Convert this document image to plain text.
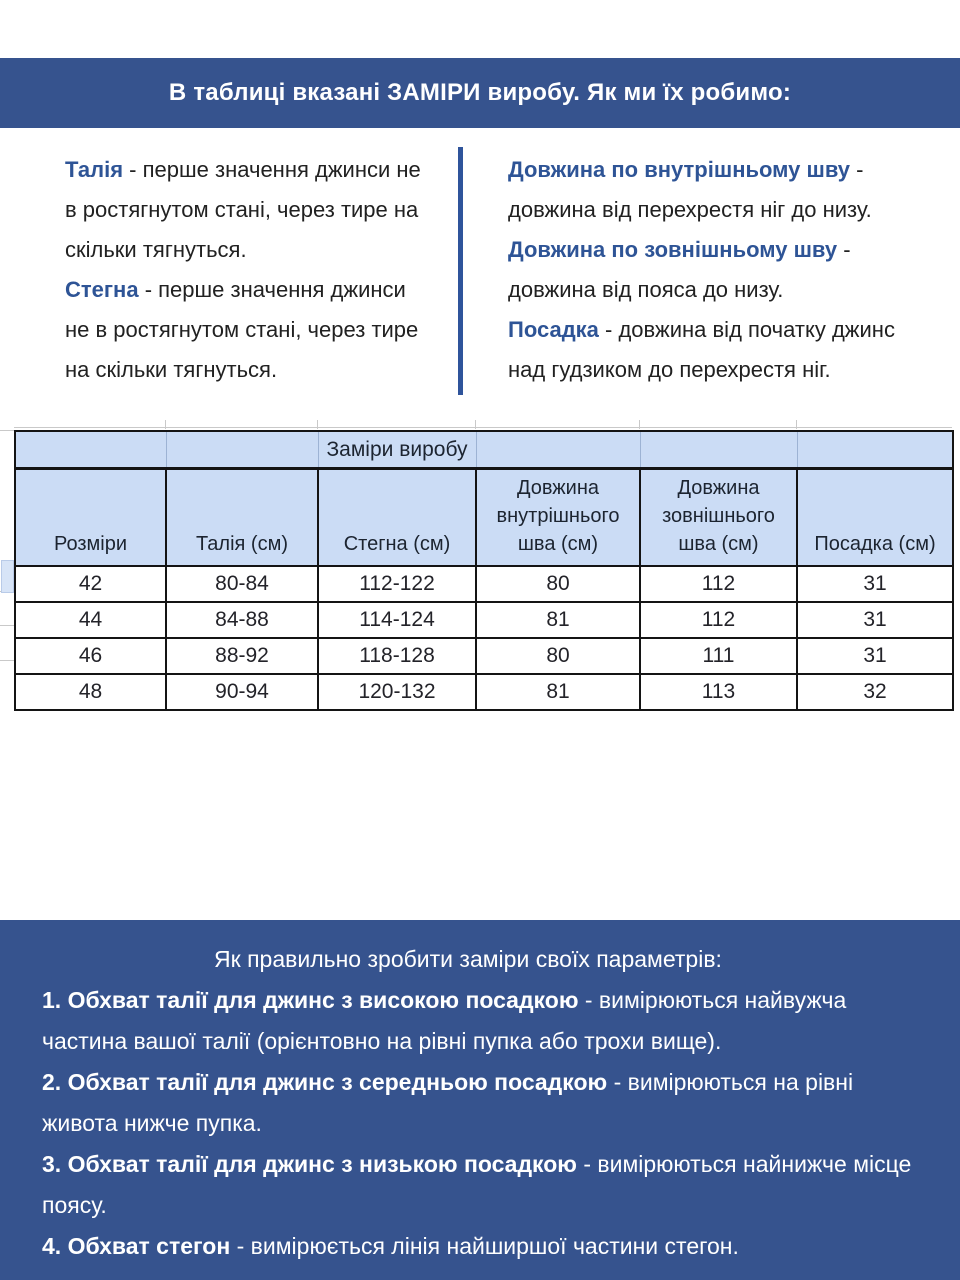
В таблиці вказані ЗАМІРИ виробу. Як ми їх робимо:

Талія - перше значення джинси не в ростягнутом стані, через тире на скільки тягнуться.

Стегна - перше значення джинси не в ростягнутом стані, через тире на скільки тягнуться.

Довжина по внутрішньому шву - довжина від перехрестя ніг до низу.

Довжина по зовнішньому шву - довжина від пояса до низу.

Посадка - довжина від початку джинс над гудзиком до перехрестя ніг.

		Заміри виробу			
Розміри	Талія (см)	Стегна (см)	Довжина внутрішнього шва (см)	Довжина зовнішнього шва (см)	Посадка (см)
42	80-84	112-122	80	112	31
44	84-88	114-124	81	112	31
46	88-92	118-128	80	111	31
48	90-94	120-132	81	113	32

Як правильно зробити заміри своїх параметрів:

1. Обхват талії для джинс з високою посадкою - вимірюються найвужча частина вашої талії (орієнтовно на рівні пупка або трохи вище).

2. Обхват талії для джинс з середньою посадкою - вимірюються на рівні живота нижче пупка.

3. Обхват талії для джинс з низькою посадкою - вимірюються найнижче місце поясу.

4. Обхват стегон - вимірюється лінія найширшої частини стегон.
